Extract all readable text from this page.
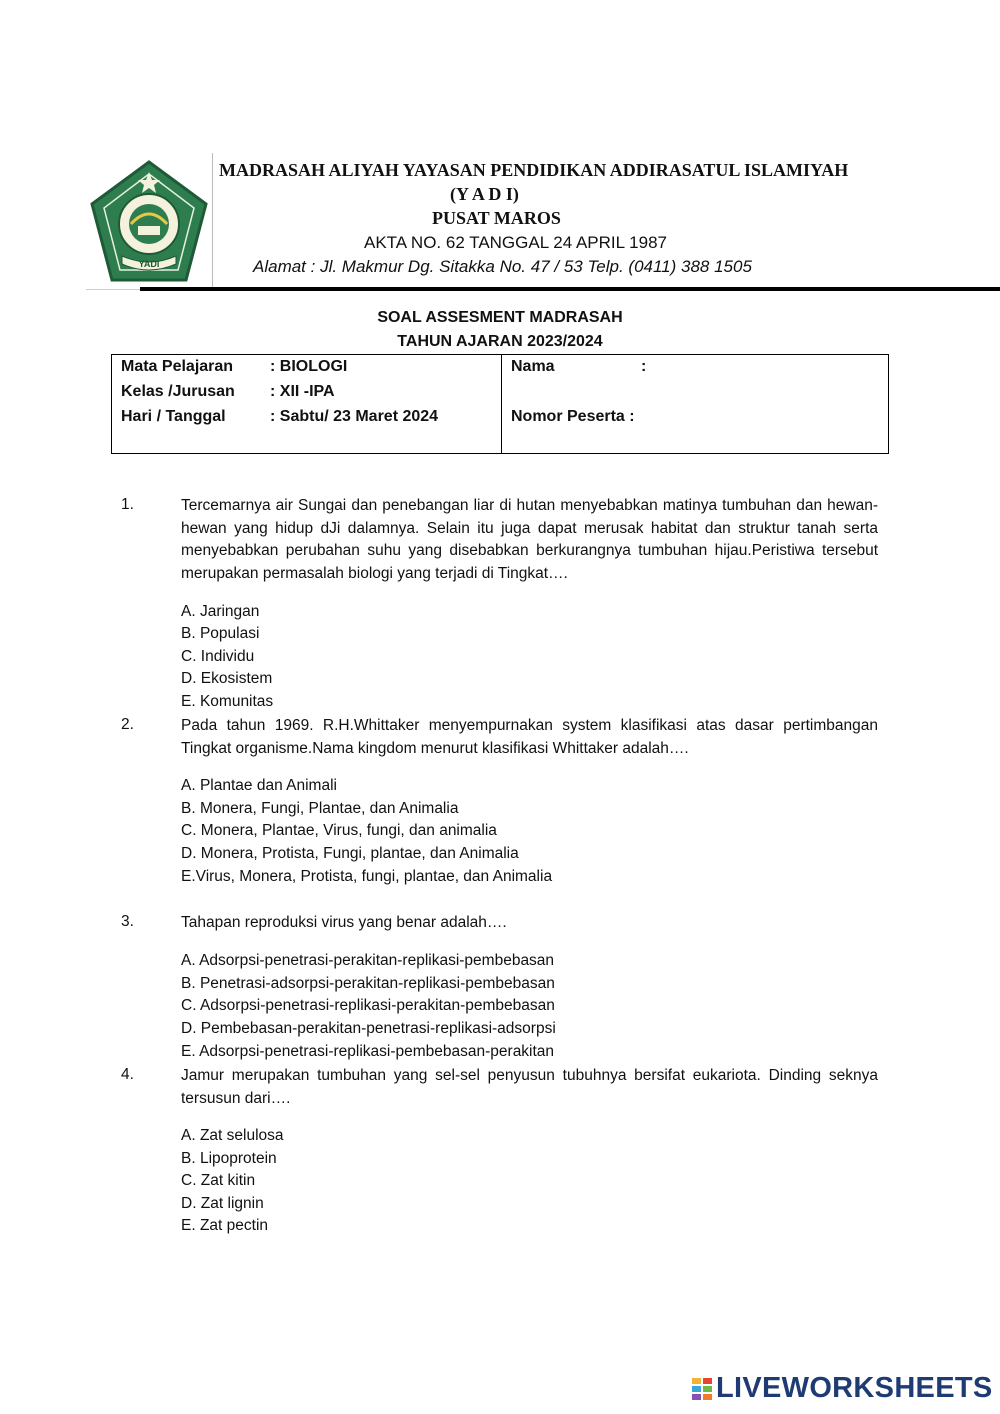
YADI
MADRASAH ALIYAH YAYASAN PENDIDIKAN ADDIRASATUL ISLAMIYAH
(Y A D I)
PUSAT MAROS
AKTA NO. 62 TANGGAL 24 APRIL 1987
Alamat : Jl. Makmur Dg. Sitakka No. 47 / 53 Telp. (0411) 388 1505
SOAL ASSESMENT MADRASAH
TAHUN AJARAN 2023/2024
Mata Pelajaran : BIOLOGI
Kelas /Jurusan : XII -IPA
Hari / Tanggal	: Sabtu/ 23 Maret 2024
Nama	:
Nomor Peserta :
1.	Tercemarnya air Sungai dan penebangan liar di hutan menyebabkan matinya tumbuhan dan hewan-hewan yang hidup dJi dalamnya. Selain itu juga dapat merusak habitat dan struktur tanah serta menyebabkan perubahan suhu yang disebabkan berkurangnya tumbuhan hijau.Peristiwa tersebut merupakan permasalah biologi yang terjadi di Tingkat….
A. Jaringan
B. Populasi
C. Individu
D. Ekosistem
E. Komunitas
2.	Pada tahun 1969. R.H.Whittaker menyempurnakan system klasifikasi atas dasar pertimbangan Tingkat organisme.Nama kingdom menurut klasifikasi Whittaker adalah….
A. Plantae dan Animali
B. Monera, Fungi, Plantae, dan Animalia
C. Monera, Plantae, Virus, fungi, dan animalia
D. Monera, Protista, Fungi, plantae, dan Animalia
E.Virus, Monera, Protista, fungi, plantae, dan Animalia
3.	Tahapan reproduksi virus yang benar adalah….
A. Adsorpsi-penetrasi-perakitan-replikasi-pembebasan
B. Penetrasi-adsorpsi-perakitan-replikasi-pembebasan
C. Adsorpsi-penetrasi-replikasi-perakitan-pembebasan
D. Pembebasan-perakitan-penetrasi-replikasi-adsorpsi
E. Adsorpsi-penetrasi-replikasi-pembebasan-perakitan
4.	Jamur merupakan tumbuhan yang sel-sel penyusun tubuhnya bersifat eukariota. Dinding seknya tersusun dari….
A. Zat selulosa
B. Lipoprotein
C. Zat kitin
D. Zat lignin
E. Zat pectin
LIVEWORKSHEETS
